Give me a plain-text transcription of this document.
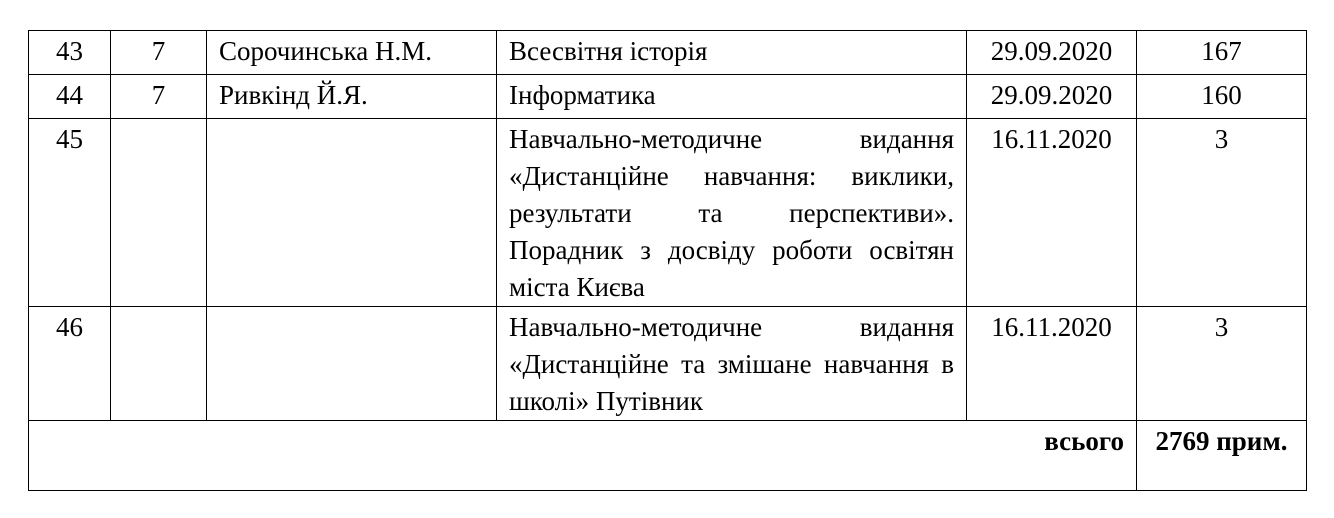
43	7	Сорочинська Н.М.	Всесвітня історія	29.09.2020	167
44	7	Ривкінд Й.Я.	Інформатика	29.09.2020	160
45			Навчально-методичне видання «Дистанційне навчання: виклики, результати та перспективи». Порадник з досвіду роботи освітян міста Києва	16.11.2020	3
46			Навчально-методичне видання «Дистанційне та змішане навчання в школі» Путівник	16.11.2020	3
всього					2769 прим.
